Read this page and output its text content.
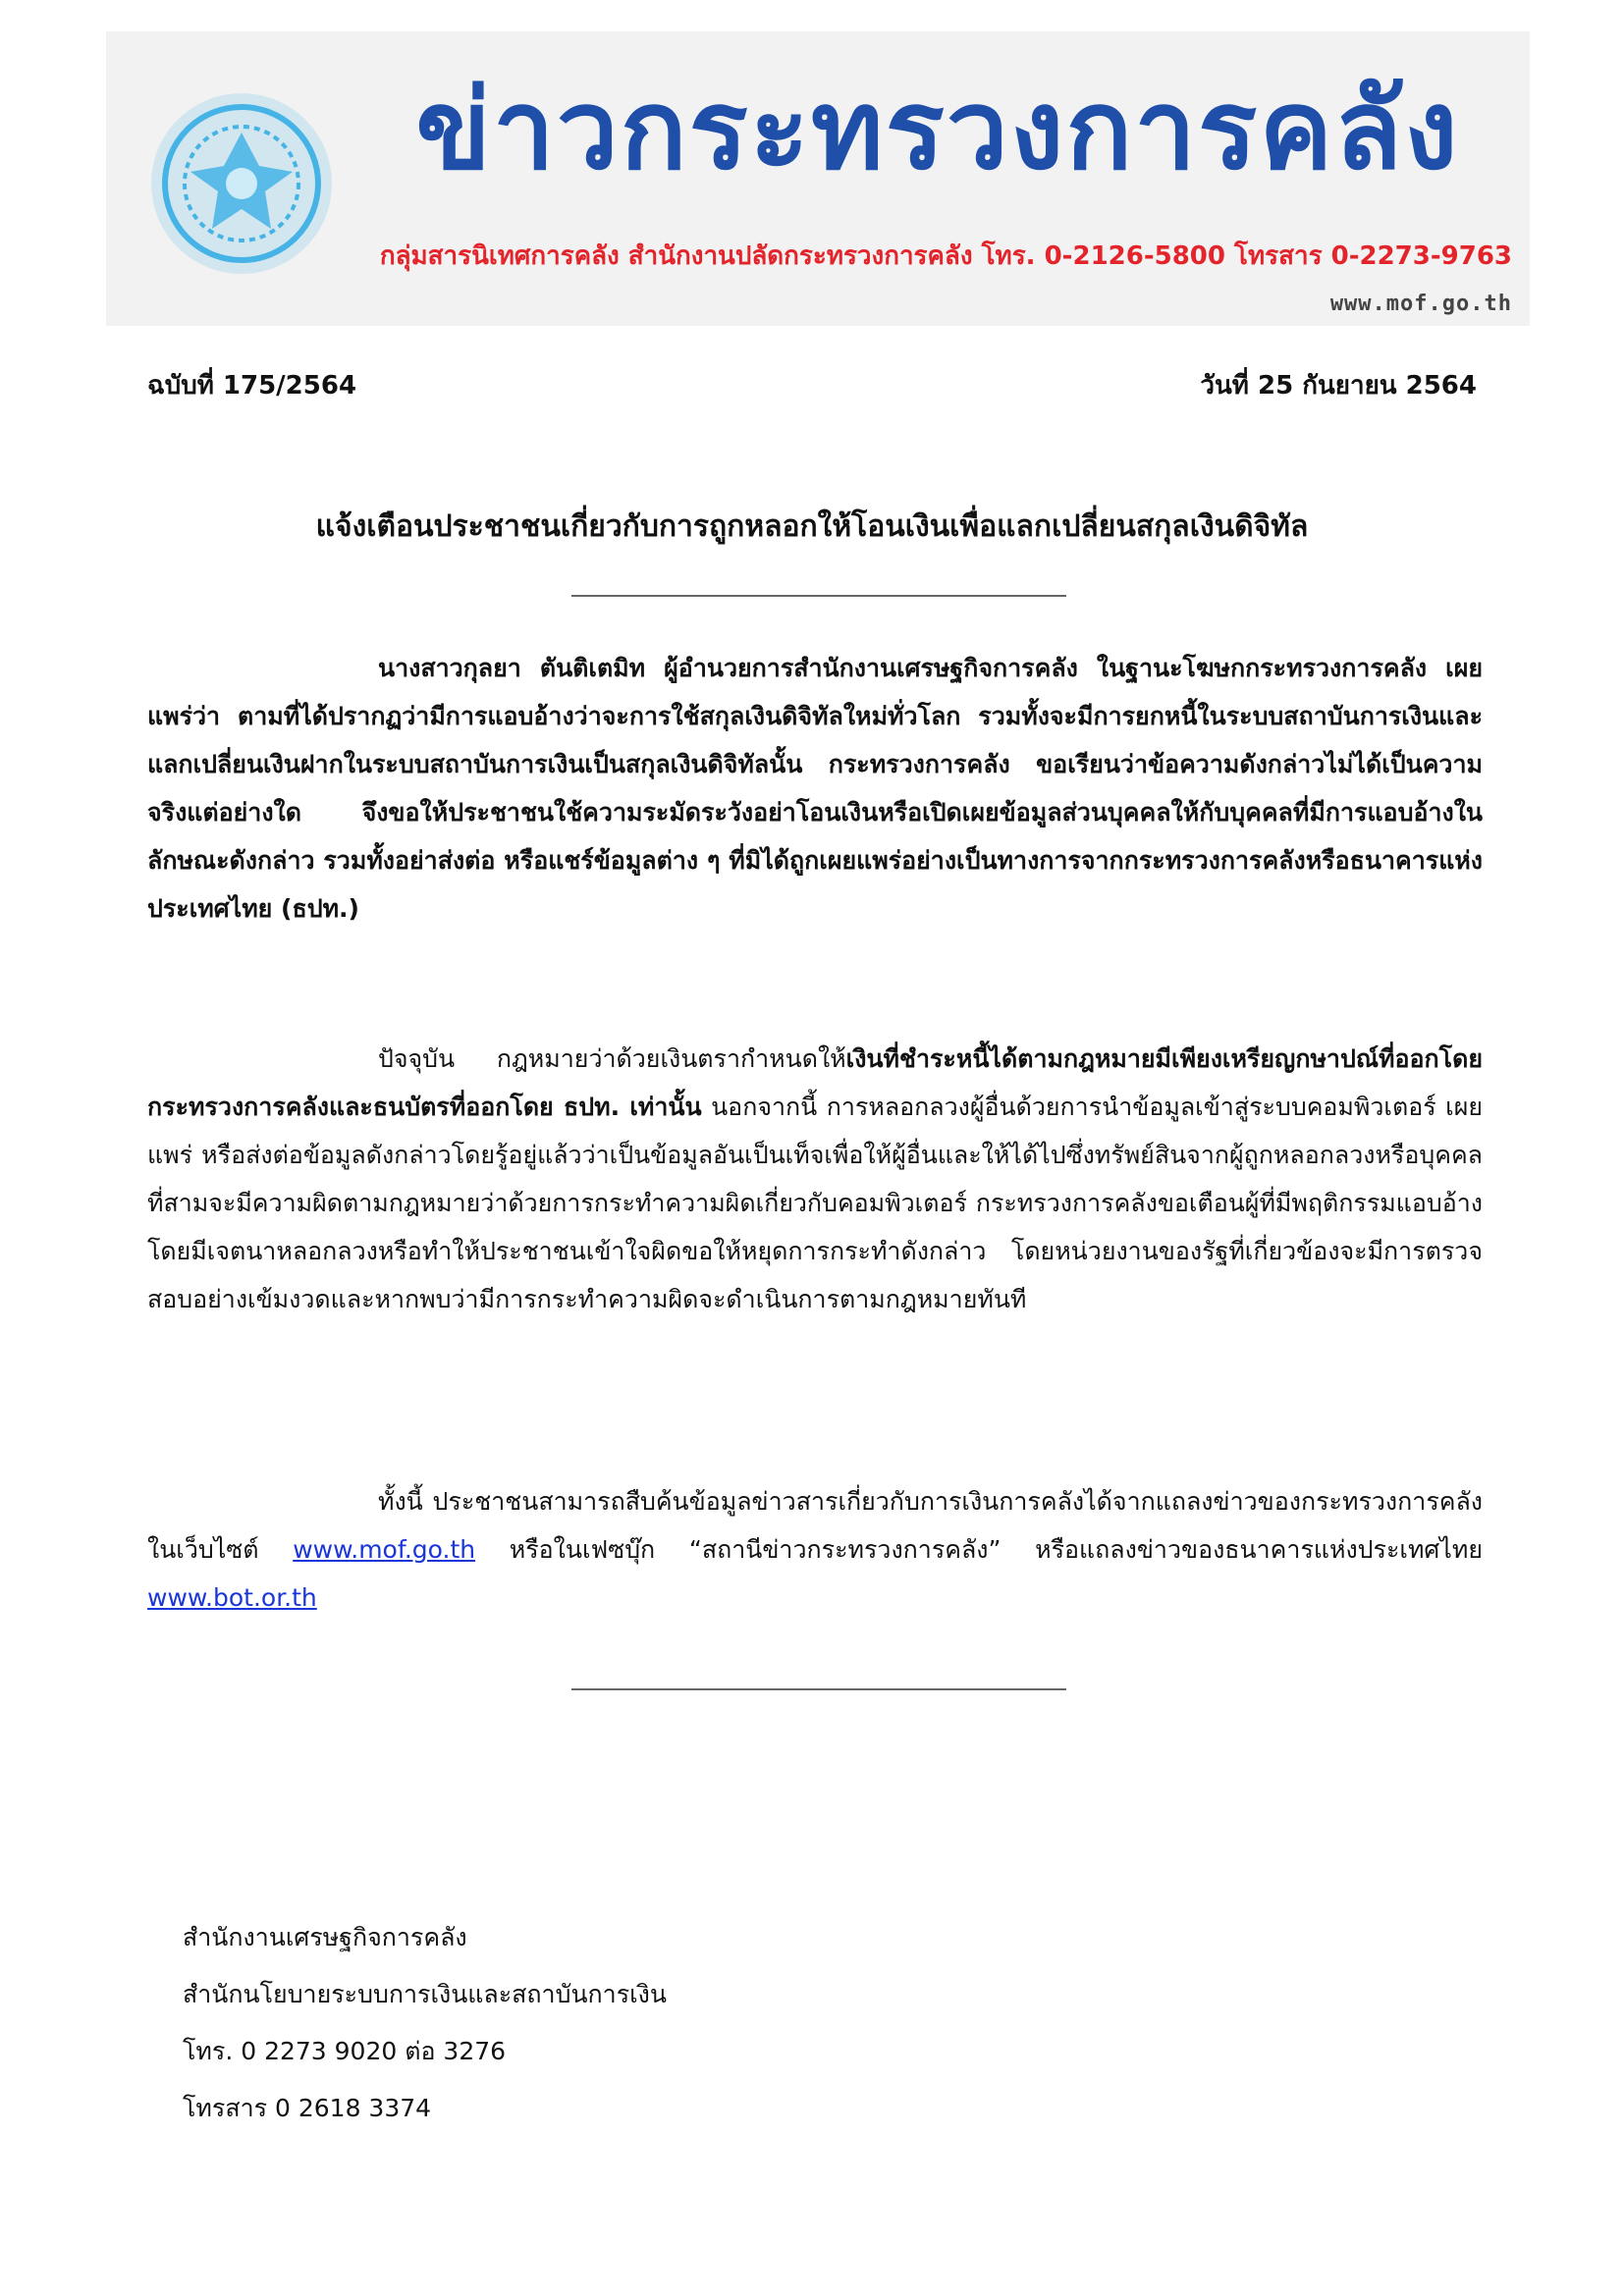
ข่าวกระทรวงการคลัง
กลุ่มสารนิเทศการคลัง สำนักงานปลัดกระทรวงการคลัง โทร. 0-2126-5800 โทรสาร 0-2273-9763
www.mof.go.th
ฉบับที่ 175/2564	วันที่ 25 กันยายน 2564
แจ้งเตือนประชาชนเกี่ยวกับการถูกหลอกให้โอนเงินเพื่อแลกเปลี่ยนสกุลเงินดิจิทัล

นางสาวกุลยา ตันติเตมิท ผู้อำนวยการสำนักงานเศรษฐกิจการคลัง ในฐานะโฆษกกระทรวงการคลัง เผยแพร่ว่า ตามที่ได้ปรากฏว่ามีการแอบอ้างว่าจะการใช้สกุลเงินดิจิทัลใหม่ทั่วโลก รวมทั้งจะมีการยกหนี้ในระบบสถาบันการเงินและแลกเปลี่ยนเงินฝากในระบบสถาบันการเงินเป็นสกุลเงินดิจิทัลนั้น กระทรวงการคลัง ขอเรียนว่าข้อความดังกล่าวไม่ได้เป็นความจริงแต่อย่างใด จึงขอให้ประชาชนใช้ความระมัดระวังอย่าโอนเงินหรือเปิดเผยข้อมูลส่วนบุคคลให้กับบุคคลที่มีการแอบอ้างในลักษณะดังกล่าว รวมทั้งอย่าส่งต่อ หรือแชร์ข้อมูลต่าง ๆ ที่มิได้ถูกเผยแพร่อย่างเป็นทางการจากกระทรวงการคลังหรือธนาคารแห่งประเทศไทย (ธปท.)

ปัจจุบัน กฎหมายว่าด้วยเงินตรากำหนดให้เงินที่ชำระหนี้ได้ตามกฎหมายมีเพียงเหรียญกษาปณ์ที่ออกโดยกระทรวงการคลังและธนบัตรที่ออกโดย ธปท. เท่านั้น นอกจากนี้ การหลอกลวงผู้อื่นด้วยการนำข้อมูลเข้าสู่ระบบคอมพิวเตอร์ เผยแพร่ หรือส่งต่อข้อมูลดังกล่าวโดยรู้อยู่แล้วว่าเป็นข้อมูลอันเป็นเท็จเพื่อให้ผู้อื่นและให้ได้ไปซึ่งทรัพย์สินจากผู้ถูกหลอกลวงหรือบุคคลที่สามจะมีความผิดตามกฎหมายว่าด้วยการกระทำความผิดเกี่ยวกับคอมพิวเตอร์ กระทรวงการคลังขอเตือนผู้ที่มีพฤติกรรมแอบอ้างโดยมีเจตนาหลอกลวงหรือทำให้ประชาชนเข้าใจผิดขอให้หยุดการกระทำดังกล่าว โดยหน่วยงานของรัฐที่เกี่ยวข้องจะมีการตรวจสอบอย่างเข้มงวดและหากพบว่ามีการกระทำความผิดจะดำเนินการตามกฎหมายทันที

ทั้งนี้ ประชาชนสามารถสืบค้นข้อมูลข่าวสารเกี่ยวกับการเงินการคลังได้จากแถลงข่าวของกระทรวงการคลังในเว็บไซต์ www.mof.go.th หรือในเฟซบุ๊ก “สถานีข่าวกระทรวงการคลัง” หรือแถลงข่าวของธนาคารแห่งประเทศไทย www.bot.or.th

สำนักงานเศรษฐกิจการคลัง
สำนักนโยบายระบบการเงินและสถาบันการเงิน
โทร. 0 2273 9020 ต่อ 3276
โทรสาร 0 2618 3374
